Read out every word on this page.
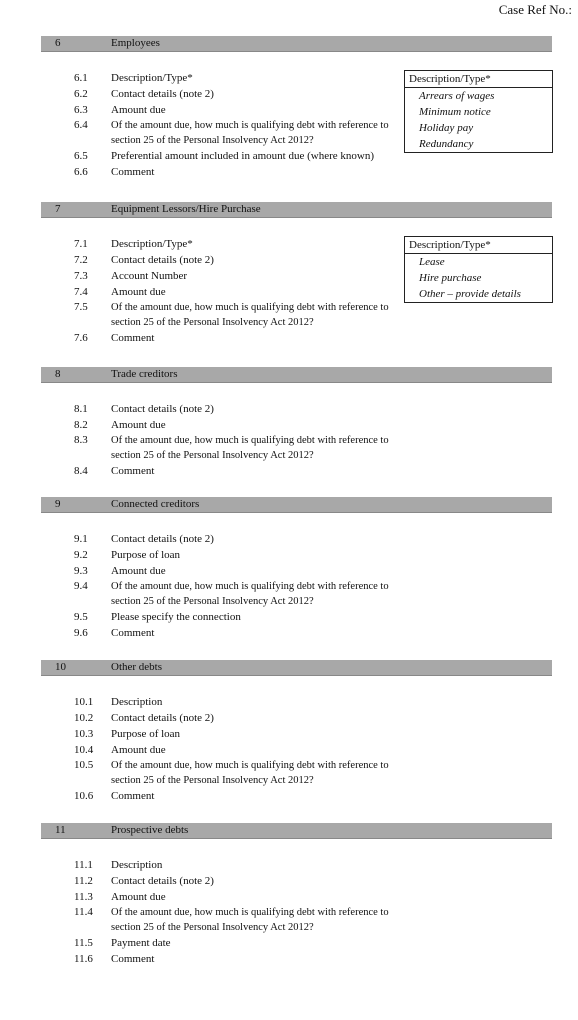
Case Ref No.:
6	Employees
6.1	Description/Type*
6.2	Contact details (note 2)
6.3	Amount due
6.4	Of the amount due, how much is qualifying debt with reference to section 25 of the Personal Insolvency Act 2012?
6.5	Preferential amount included in amount due (where known)
6.6	Comment
Description/Type*
Arrears of wages
Minimum notice
Holiday pay
Redundancy
7	Equipment Lessors/Hire Purchase
7.1	Description/Type*
7.2	Contact details (note 2)
7.3	Account Number
7.4	Amount due
7.5	Of the amount due, how much is qualifying debt with reference to section 25 of the Personal Insolvency Act 2012?
7.6	Comment
Description/Type*
Lease
Hire purchase
Other – provide details
8	Trade creditors
8.1	Contact details (note 2)
8.2	Amount due
8.3	Of the amount due, how much is qualifying debt with reference to section 25 of the Personal Insolvency Act 2012?
8.4	Comment
9	Connected creditors
9.1	Contact details (note 2)
9.2	Purpose of loan
9.3	Amount due
9.4	Of the amount due, how much is qualifying debt with reference to section 25 of the Personal Insolvency Act 2012?
9.5	Please specify the connection
9.6	Comment
10	Other debts
10.1	Description
10.2	Contact details (note 2)
10.3	Purpose of loan
10.4	Amount due
10.5	Of the amount due, how much is qualifying debt with reference to section 25 of the Personal Insolvency Act 2012?
10.6	Comment
11	Prospective debts
11.1	Description
11.2	Contact details (note 2)
11.3	Amount due
11.4	Of the amount due, how much is qualifying debt with reference to section 25 of the Personal Insolvency Act 2012?
11.5	Payment date
11.6	Comment
